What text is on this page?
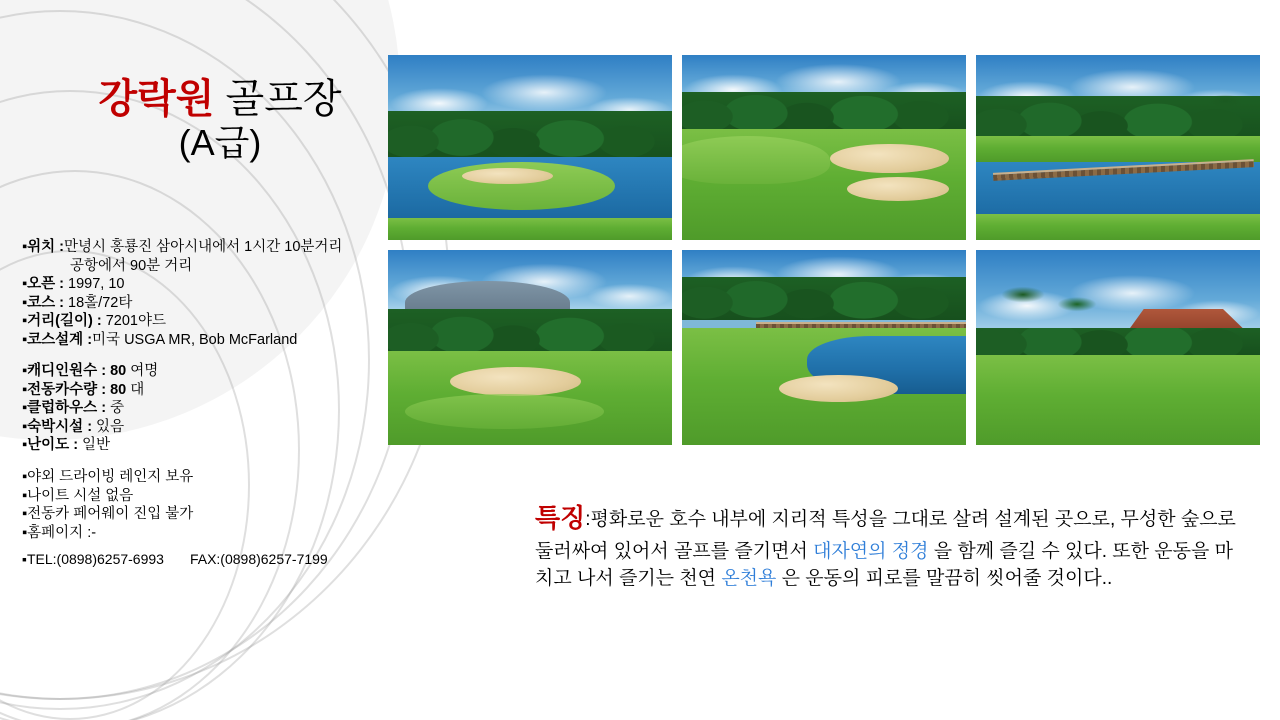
강락원 골프장
(A급)
▪위치 :만녕시 홍룡진 삼아시내에서 1시간 10분거리
공항에서 90분 거리
▪오픈 : 1997, 10
▪코스 : 18홀/72타
▪거리(길이) : 7201야드
▪코스설계 :미국 USGA MR, Bob McFarland
▪캐디인원수 : 80 여명
▪전동카수량 : 80 대
▪클럽하우스 : 중
▪숙박시설 : 있음
▪난이도 : 일반
▪야외 드라이빙 레인지 보유
▪나이트 시설 없음
▪전동카 페어웨이 진입 불가
▪홈페이지 :-
▪TEL:(0898)6257-6993 FAX:(0898)6257-7199
특징:평화로운 호수 내부에 지리적 특성을 그대로 살려 설계된 곳으로, 무성한 숲으로 둘러싸여 있어서 골프를 즐기면서 대자연의 정경 을 함께 즐길 수 있다. 또한 운동을 마치고 나서 즐기는 천연 온천욕 은 운동의 피로를 말끔히 씻어줄 것이다..
